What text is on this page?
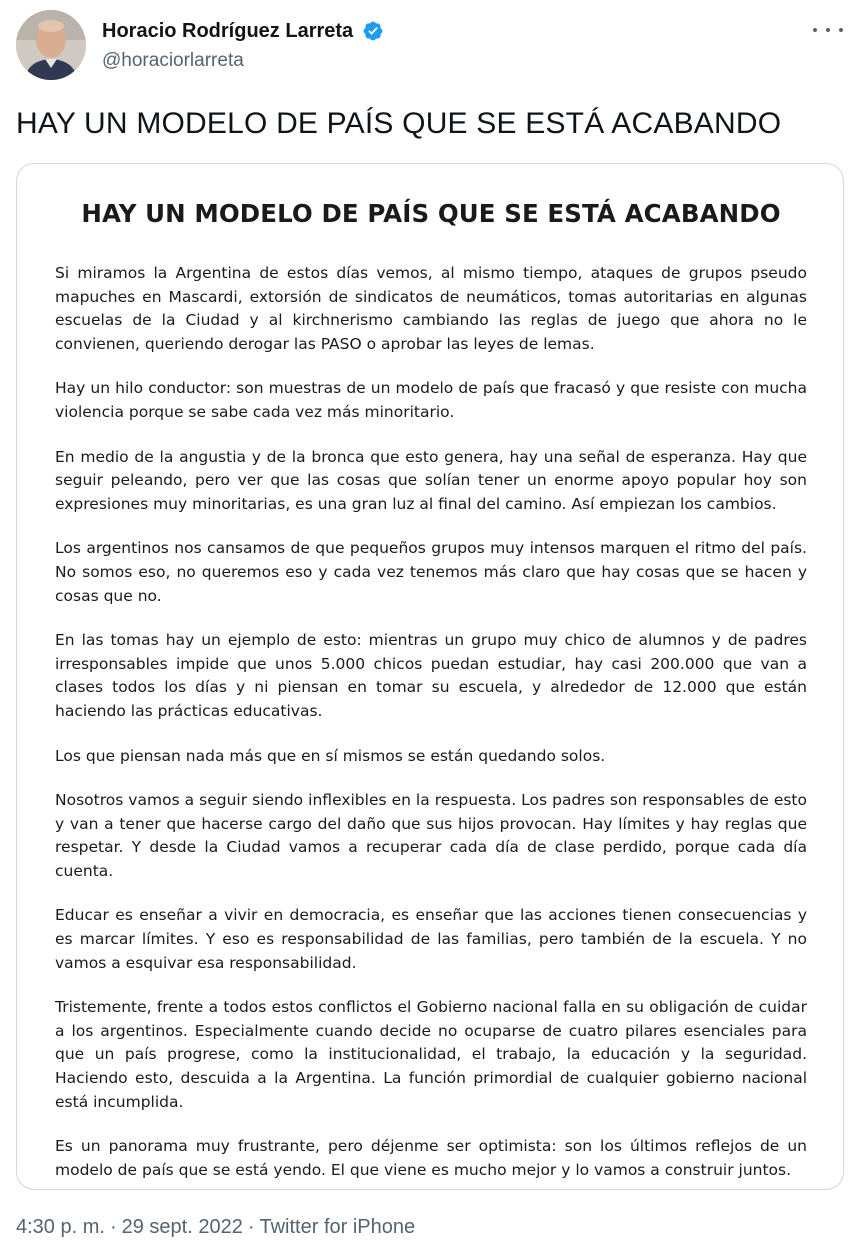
Horacio Rodríguez Larreta
@horaciorlarreta
HAY UN MODELO DE PAÍS QUE SE ESTÁ ACABANDO
HAY UN MODELO DE PAÍS QUE SE ESTÁ ACABANDO

Si miramos la Argentina de estos días vemos, al mismo tiempo, ataques de grupos pseudo mapuches en Mascardi, extorsión de sindicatos de neumáticos, tomas autoritarias en algunas escuelas de la Ciudad y al kirchnerismo cambiando las reglas de juego que ahora no le convienen, queriendo derogar las PASO o aprobar las leyes de lemas.

Hay un hilo conductor: son muestras de un modelo de país que fracasó y que resiste con mucha violencia porque se sabe cada vez más minoritario.

En medio de la angustia y de la bronca que esto genera, hay una señal de esperanza. Hay que seguir peleando, pero ver que las cosas que solían tener un enorme apoyo popular hoy son expresiones muy minoritarias, es una gran luz al final del camino. Así empiezan los cambios.

Los argentinos nos cansamos de que pequeños grupos muy intensos marquen el ritmo del país. No somos eso, no queremos eso y cada vez tenemos más claro que hay cosas que se hacen y cosas que no.

En las tomas hay un ejemplo de esto: mientras un grupo muy chico de alumnos y de padres irresponsables impide que unos 5.000 chicos puedan estudiar, hay casi 200.000 que van a clases todos los días y ni piensan en tomar su escuela, y alrededor de 12.000 que están haciendo las prácticas educativas.

Los que piensan nada más que en sí mismos se están quedando solos.

Nosotros vamos a seguir siendo inflexibles en la respuesta. Los padres son responsables de esto y van a tener que hacerse cargo del daño que sus hijos provocan. Hay límites y hay reglas que respetar. Y desde la Ciudad vamos a recuperar cada día de clase perdido, porque cada día cuenta.

Educar es enseñar a vivir en democracia, es enseñar que las acciones tienen consecuencias y es marcar límites. Y eso es responsabilidad de las familias, pero también de la escuela. Y no vamos a esquivar esa responsabilidad.

Tristemente, frente a todos estos conflictos el Gobierno nacional falla en su obligación de cuidar a los argentinos. Especialmente cuando decide no ocuparse de cuatro pilares esenciales para que un país progrese, como la institucionalidad, el trabajo, la educación y la seguridad. Haciendo esto, descuida a la Argentina. La función primordial de cualquier gobierno nacional está incumplida.

Es un panorama muy frustrante, pero déjenme ser optimista: son los últimos reflejos de un modelo de país que se está yendo. El que viene es mucho mejor y lo vamos a construir juntos.

4:30 p. m. · 29 sept. 2022 · Twitter for iPhone
